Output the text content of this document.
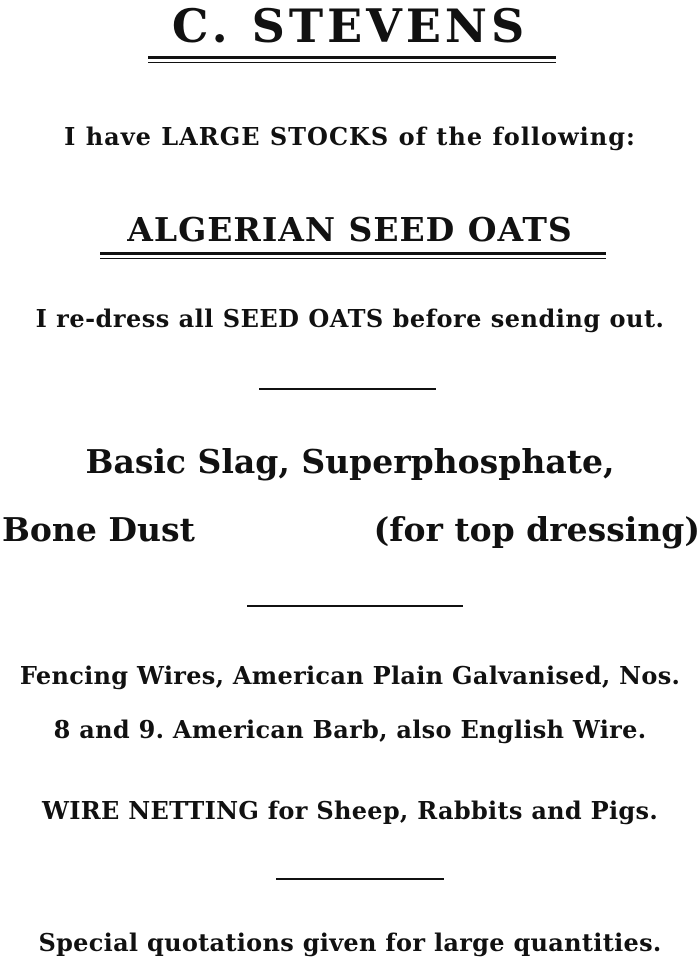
C. STEVENS
I have LARGE STOCKS of the following:
ALGERIAN SEED OATS
I re-dress all SEED OATS before sending out.
Basic Slag, Superphosphate,
Bone Dust	(for top dressing)
Fencing Wires, American Plain Galvanised, Nos.
8 and 9. American Barb, also English Wire.
WIRE NETTING for Sheep, Rabbits and Pigs.
Special quotations given for large quantities.
